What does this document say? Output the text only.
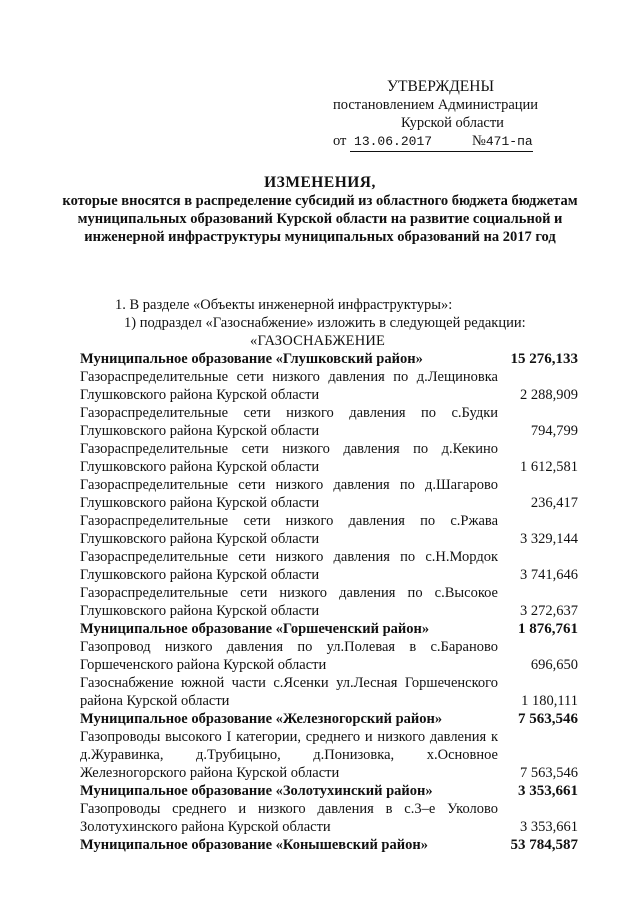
УТВЕРЖДЕНЫ
постановлением Администрации
Курской области
от 13.06.2017	№471-па
ИЗМЕНЕНИЯ,
которые вносятся в распределение субсидий из областного бюджета бюджетам муниципальных образований Курской области на развитие социальной и инженерной инфраструктуры муниципальных образований на 2017 год
1. В разделе «Объекты инженерной инфраструктуры»:
1) подраздел «Газоснабжение» изложить в следующей редакции:
«ГАЗОСНАБЖЕНИЕ
Муниципальное образование «Глушковский район»	15 276,133
Газораспределительные сети низкого давления по д.Лещиновка Глушковского района Курской области	2 288,909
Газораспределительные сети низкого давления по с.Будки Глушковского района Курской области	794,799
Газораспределительные сети низкого давления по д.Кекино Глушковского района Курской области	1 612,581
Газораспределительные сети низкого давления по д.Шагарово Глушковского района Курской области	236,417
Газораспределительные сети низкого давления по с.Ржава Глушковского района Курской области	3 329,144
Газораспределительные сети низкого давления по с.Н.Мордок Глушковского района Курской области	3 741,646
Газораспределительные сети низкого давления по с.Высокое Глушковского района Курской области	3 272,637
Муниципальное образование «Горшеченский район»	1 876,761
Газопровод низкого давления по ул.Полевая в с.Бараново Горшеченского района Курской области	696,650
Газоснабжение южной части с.Ясенки ул.Лесная Горшеченского района Курской области	1 180,111
Муниципальное образование «Железногорский район»	7 563,546
Газопроводы высокого I категории, среднего и низкого давления к д.Журавинка, д.Трубицыно, д.Понизовка, х.Основное Железногорского района Курской области	7 563,546
Муниципальное образование «Золотухинский район»	3 353,661
Газопроводы среднего и низкого давления в с.3–е Уколово Золотухинского района Курской области	3 353,661
Муниципальное образование «Конышевский район»	53 784,587
